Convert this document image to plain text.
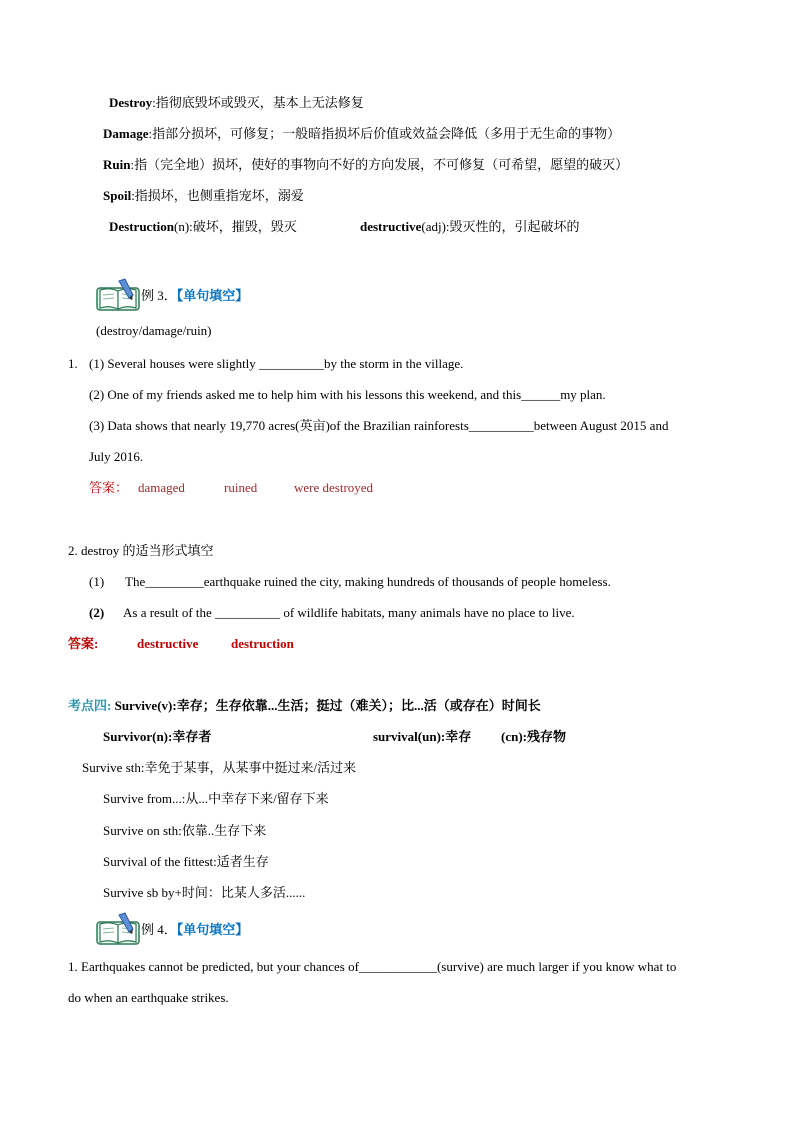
Destroy:指彻底毁坏或毁灭，基本上无法修复
Damage:指部分损坏，可修复；一般暗指损坏后价值或效益会降低（多用于无生命的事物）
Ruin:指（完全地）损坏，使好的事物向不好的方向发展，不可修复（可希望，愿望的破灭）
Spoil:指损坏，也侧重指宠坏，溺爱
Destruction(n):破坏，摧毁，毁灭	destructive(adj):毁灭性的，引起破坏的
例 3．【单句填空】
(destroy/damage/ruin)
1. (1) Several houses were slightly __________by the storm in the village.
(2) One of my friends asked me to help him with his lessons this weekend, and this______my plan.
(3) Data shows that nearly 19,770 acres(英亩)of the Brazilian rainforests__________between August 2015 and
July 2016.
答案： damaged	ruined	were destroyed
2. destroy 的适当形式填空
(1) The_________earthquake ruined the city, making hundreds of thousands of people homeless.
(2) As a result of the __________ of wildlife habitats, many animals have no place to live.
答案:	destructive	destruction
考点四: Survive(v):幸存；生存依靠...生活；挺过（难关）；比...活（或存在）时间长
Survivor(n):幸存者	survival(un):幸存 (cn):残存物
Survive sth:幸免于某事，从某事中挺过来/活过来
Survive from...:从...中幸存下来/留存下来
Survive on sth:依靠..生存下来
Survival of the fittest:适者生存
Survive sb by+时间：比某人多活......
例 4．【单句填空】
1. Earthquakes cannot be predicted, but your chances of____________(survive) are much larger if you know what to
do when an earthquake strikes.
